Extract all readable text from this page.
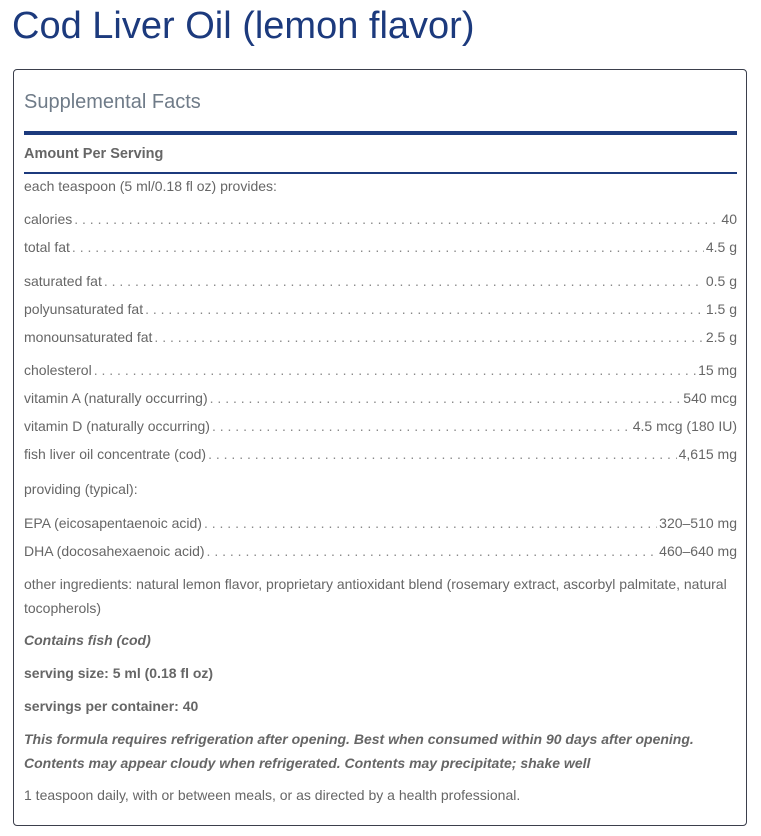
Cod Liver Oil (lemon flavor)
Supplemental Facts
Amount Per Serving
each teaspoon (5 ml/0.18 fl oz) provides:
calories . . .	40
total fat . . .	4.5 g
saturated fat . . .	0.5 g
polyunsaturated fat . . .	1.5 g
monounsaturated fat . . .	2.5 g
cholesterol . . .	15 mg
vitamin A (naturally occurring) . . .	540 mcg
vitamin D (naturally occurring) . . .	4.5 mcg (180 IU)
fish liver oil concentrate (cod) . . .	4,615 mg
providing (typical):
EPA (eicosapentaenoic acid) . . .	320–510 mg
DHA (docosahexaenoic acid) . . .	460–640 mg
other ingredients: natural lemon flavor, proprietary antioxidant blend (rosemary extract, ascorbyl palmitate, natural tocopherols)
Contains fish (cod)
serving size: 5 ml (0.18 fl oz)
servings per container: 40
This formula requires refrigeration after opening. Best when consumed within 90 days after opening. Contents may appear cloudy when refrigerated. Contents may precipitate; shake well
1 teaspoon daily, with or between meals, or as directed by a health professional.
